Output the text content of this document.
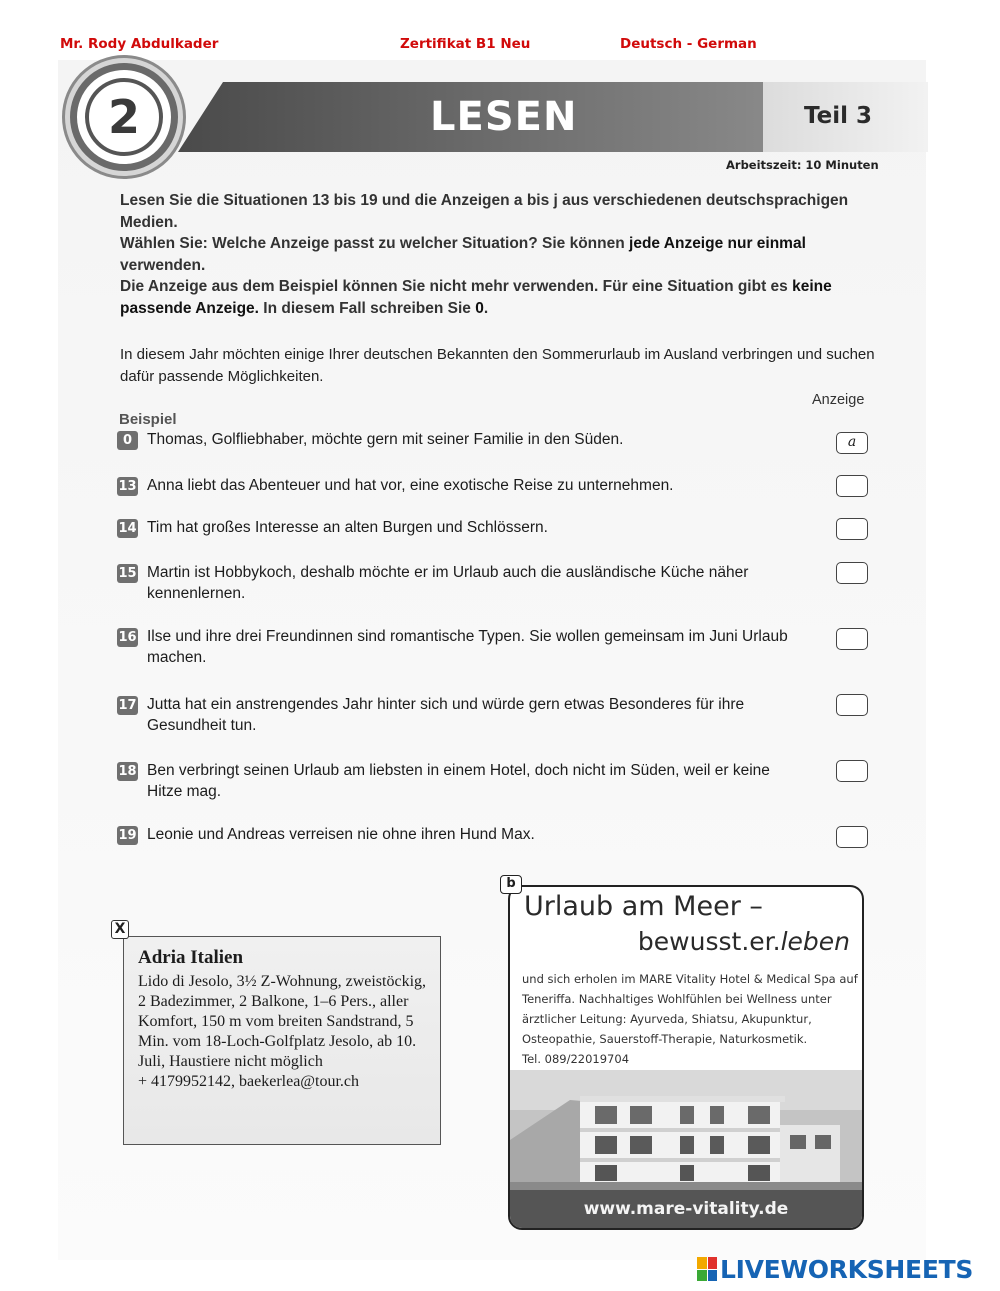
Mr. Rody Abdulkader	Zertifikat B1 Neu	Deutsch - German
LESEN	Teil 3
2
Arbeitszeit: 10 Minuten

Lesen Sie die Situationen 13 bis 19 und die Anzeigen a bis j aus verschiedenen deutschsprachigen Medien.

Wählen Sie: Welche Anzeige passt zu welcher Situation? Sie können jede Anzeige nur einmal verwenden.

Die Anzeige aus dem Beispiel können Sie nicht mehr verwenden. Für eine Situation gibt es keine passende Anzeige. In diesem Fall schreiben Sie 0.

In diesem Jahr möchten einige Ihrer deutschen Bekannten den Sommerurlaub im Ausland verbringen und suchen dafür passende Möglichkeiten.
Anzeige
Beispiel
0 Thomas, Golfliebhaber, möchte gern mit seiner Familie in den Süden.	a
13 Anna liebt das Abenteuer und hat vor, eine exotische Reise zu unternehmen.
14 Tim hat großes Interesse an alten Burgen und Schlössern.
15 Martin ist Hobbykoch, deshalb möchte er im Urlaub auch die ausländische Küche näher kennenlernen.
16 Ilse und ihre drei Freundinnen sind romantische Typen. Sie wollen gemeinsam im Juni Urlaub machen.
17 Jutta hat ein anstrengendes Jahr hinter sich und würde gern etwas Besonderes für ihre Gesundheit tun.
18 Ben verbringt seinen Urlaub am liebsten in einem Hotel, doch nicht im Süden, weil er keine Hitze mag.
19 Leonie und Andreas verreisen nie ohne ihren Hund Max.
X
Adria Italien
Lido di Jesolo, 3½ Z-Wohnung, zweistöckig, 2 Badezimmer, 2 Balkone, 1–6 Pers., aller Komfort, 150 m vom breiten Sandstrand, 5 Min. vom 18-Loch-Golfplatz Jesolo, ab 10. Juli, Haustiere nicht möglich
+ 4179952142, baekerlea@tour.ch
b
Urlaub am Meer –
bewusst.er.leben
und sich erholen im MARE Vitality Hotel & Medical Spa auf Teneriffa. Nachhaltiges Wohlfühlen bei Wellness unter ärztlicher Leitung: Ayurveda, Shiatsu, Akupunktur, Osteopathie, Sauerstoff-Therapie, Naturkosmetik.
Tel. 089/22019704
www.mare-vitality.de
LIVEWORKSHEETS
